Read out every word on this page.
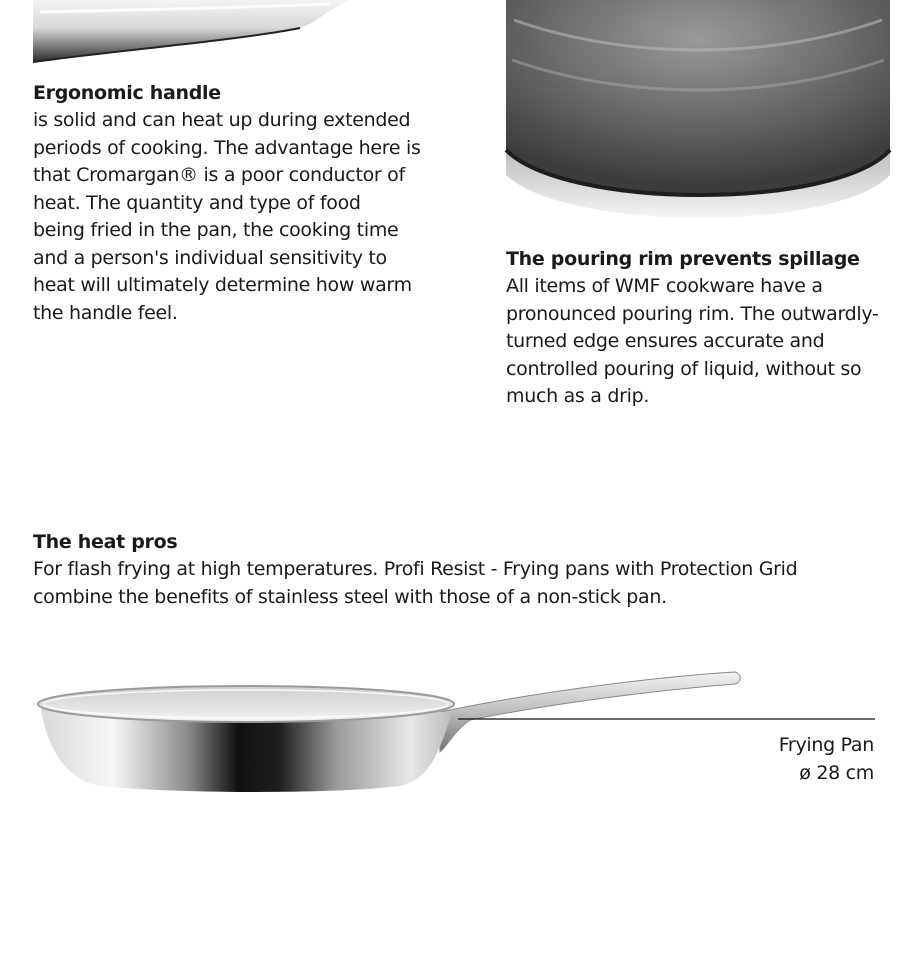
Ergonomic handle

is solid and can heat up during extended
periods of cooking. The advantage here is
that Cromargan® is a poor conductor of
heat. The quantity and type of food
being fried in the pan, the cooking time
and a person's individual sensitivity to
heat will ultimately determine how warm
the handle feel.

The pouring rim prevents spillage

All items of WMF cookware have a
pronounced pouring rim. The outwardly-
turned edge ensures accurate and
controlled pouring of liquid, without so
much as a drip.

The heat pros

For flash frying at high temperatures. Profi Resist - Frying pans with Protection Grid
combine the benefits of stainless steel with those of a non-stick pan.

Frying Pan
ø 28 cm
